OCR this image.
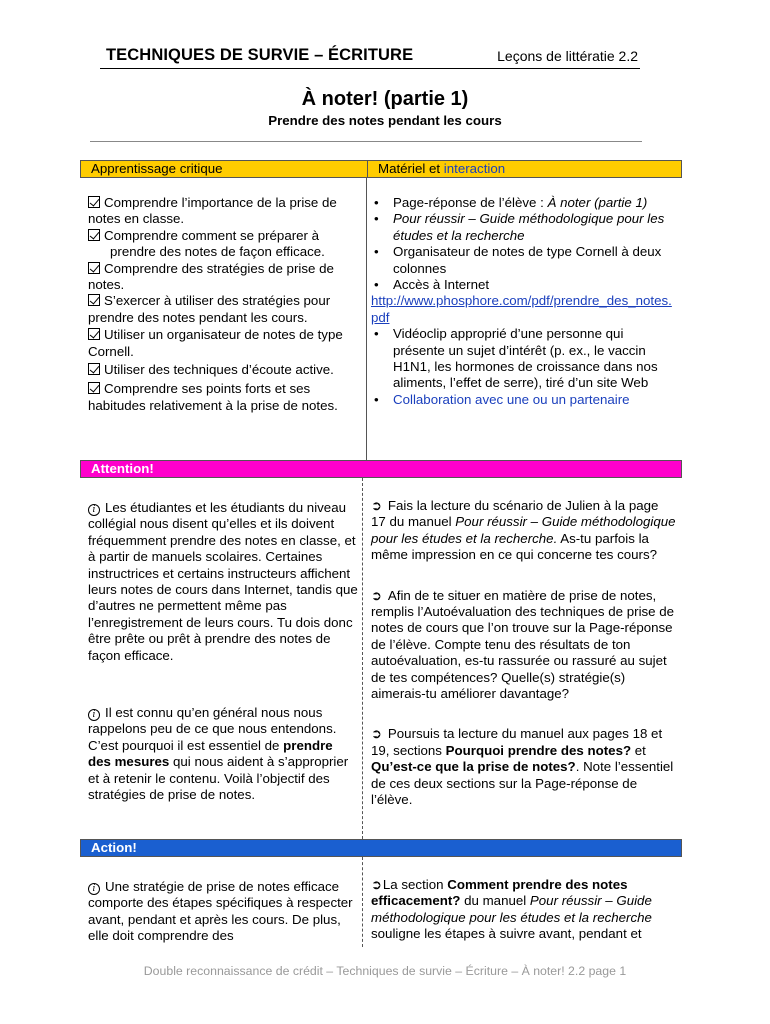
TECHNIQUES DE SURVIE – ÉCRITURE	Leçons de littératie 2.2
À noter! (partie 1)
Prendre des notes pendant les cours
Apprentissage critique	Matériel et interaction

Comprendre l’importance de la prise de notes en classe.

Comprendre comment se préparer à prendre des notes de façon efficace.

Comprendre des stratégies de prise de notes.

S’exercer à utiliser des stratégies pour prendre des notes pendant les cours.

Utiliser un organisateur de notes de type Cornell.

Utiliser des techniques d’écoute active.

Comprendre ses points forts et ses habitudes relativement à la prise de notes.

• Page-réponse de l’élève : À noter (partie 1)
• Pour réussir – Guide méthodologique pour les études et la recherche
• Organisateur de notes de type Cornell à deux colonnes
• Accès à Internet
http://www.phosphore.com/pdf/prendre_des_notes.pdf
• Vidéoclip approprié d’une personne qui présente un sujet d’intérêt (p. ex., le vaccin H1N1, les hormones de croissance dans nos aliments, l’effet de serre), tiré d’un site Web
• Collaboration avec une ou un partenaire
Attention!

i Les étudiantes et les étudiants du niveau collégial nous disent qu’elles et ils doivent fréquemment prendre des notes en classe, et à partir de manuels scolaires. Certaines instructrices et certains instructeurs affichent leurs notes de cours dans Internet, tandis que d’autres ne permettent même pas l’enregistrement de leurs cours. Tu dois donc être prête ou prêt à prendre des notes de façon efficace.

i Il est connu qu’en général nous nous rappelons peu de ce que nous entendons. C’est pourquoi il est essentiel de prendre des mesures qui nous aident à s’approprier et à retenir le contenu. Voilà l’objectif des stratégies de prise de notes.

➲ Fais la lecture du scénario de Julien à la page 17 du manuel Pour réussir – Guide méthodologique pour les études et la recherche. As-tu parfois la même impression en ce qui concerne tes cours?

➲ Afin de te situer en matière de prise de notes, remplis l’Autoévaluation des techniques de prise de notes de cours que l’on trouve sur la Page-réponse de l’élève. Compte tenu des résultats de ton autoévaluation, es-tu rassurée ou rassuré au sujet de tes compétences? Quelle(s) stratégie(s) aimerais-tu améliorer davantage?

➲ Poursuis ta lecture du manuel aux pages 18 et 19, sections Pourquoi prendre des notes? et Qu’est-ce que la prise de notes?. Note l’essentiel de ces deux sections sur la Page-réponse de l’élève.

Action!

i Une stratégie de prise de notes efficace comporte des étapes spécifiques à respecter avant, pendant et après les cours. De plus, elle doit comprendre des

➲La section Comment prendre des notes efficacement? du manuel Pour réussir – Guide méthodologique pour les études et la recherche souligne les étapes à suivre avant, pendant et

Double reconnaissance de crédit – Techniques de survie – Écriture – À noter! 2.2 page 1
